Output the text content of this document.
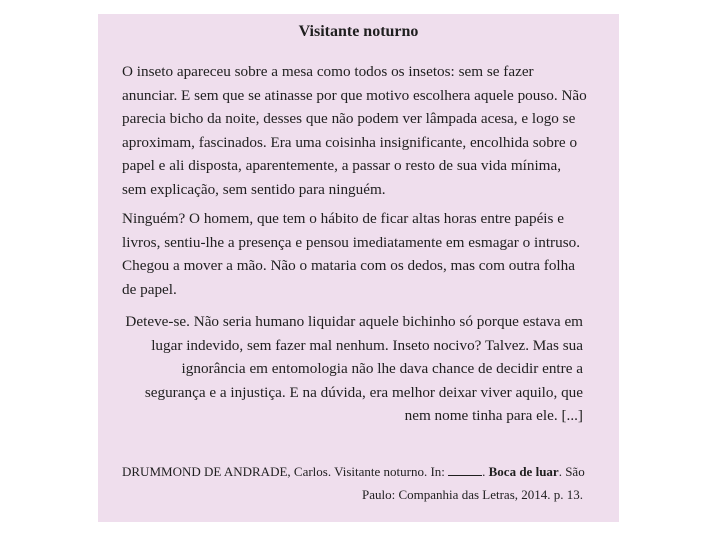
Visitante noturno
O inseto apareceu sobre a mesa como todos os insetos: sem se fazer
anunciar. E sem que se atinasse por que motivo escolhera aquele pouso. Não
parecia bicho da noite, desses que não podem ver lâmpada acesa, e logo se
aproximam, fascinados. Era uma coisinha insignificante, encolhida sobre o
papel e ali disposta, aparentemente, a passar o resto de sua vida mínima,
sem explicação, sem sentido para ninguém.
Ninguém? O homem, que tem o hábito de ficar altas horas entre papéis e
livros, sentiu-lhe a presença e pensou imediatamente em esmagar o intruso.
Chegou a mover a mão. Não o mataria com os dedos, mas com outra folha
de papel.
Deteve-se. Não seria humano liquidar aquele bichinho só porque estava em
lugar indevido, sem fazer mal nenhum. Inseto nocivo? Talvez. Mas sua
ignorância em entomologia não lhe dava chance de decidir entre a
segurança e a injustiça. E na dúvida, era melhor deixar viver aquilo, que
nem nome tinha para ele. [...]
DRUMMOND DE ANDRADE, Carlos. Visitante noturno. In:	. Boca de luar. São
Paulo: Companhia das Letras, 2014. p. 13.
